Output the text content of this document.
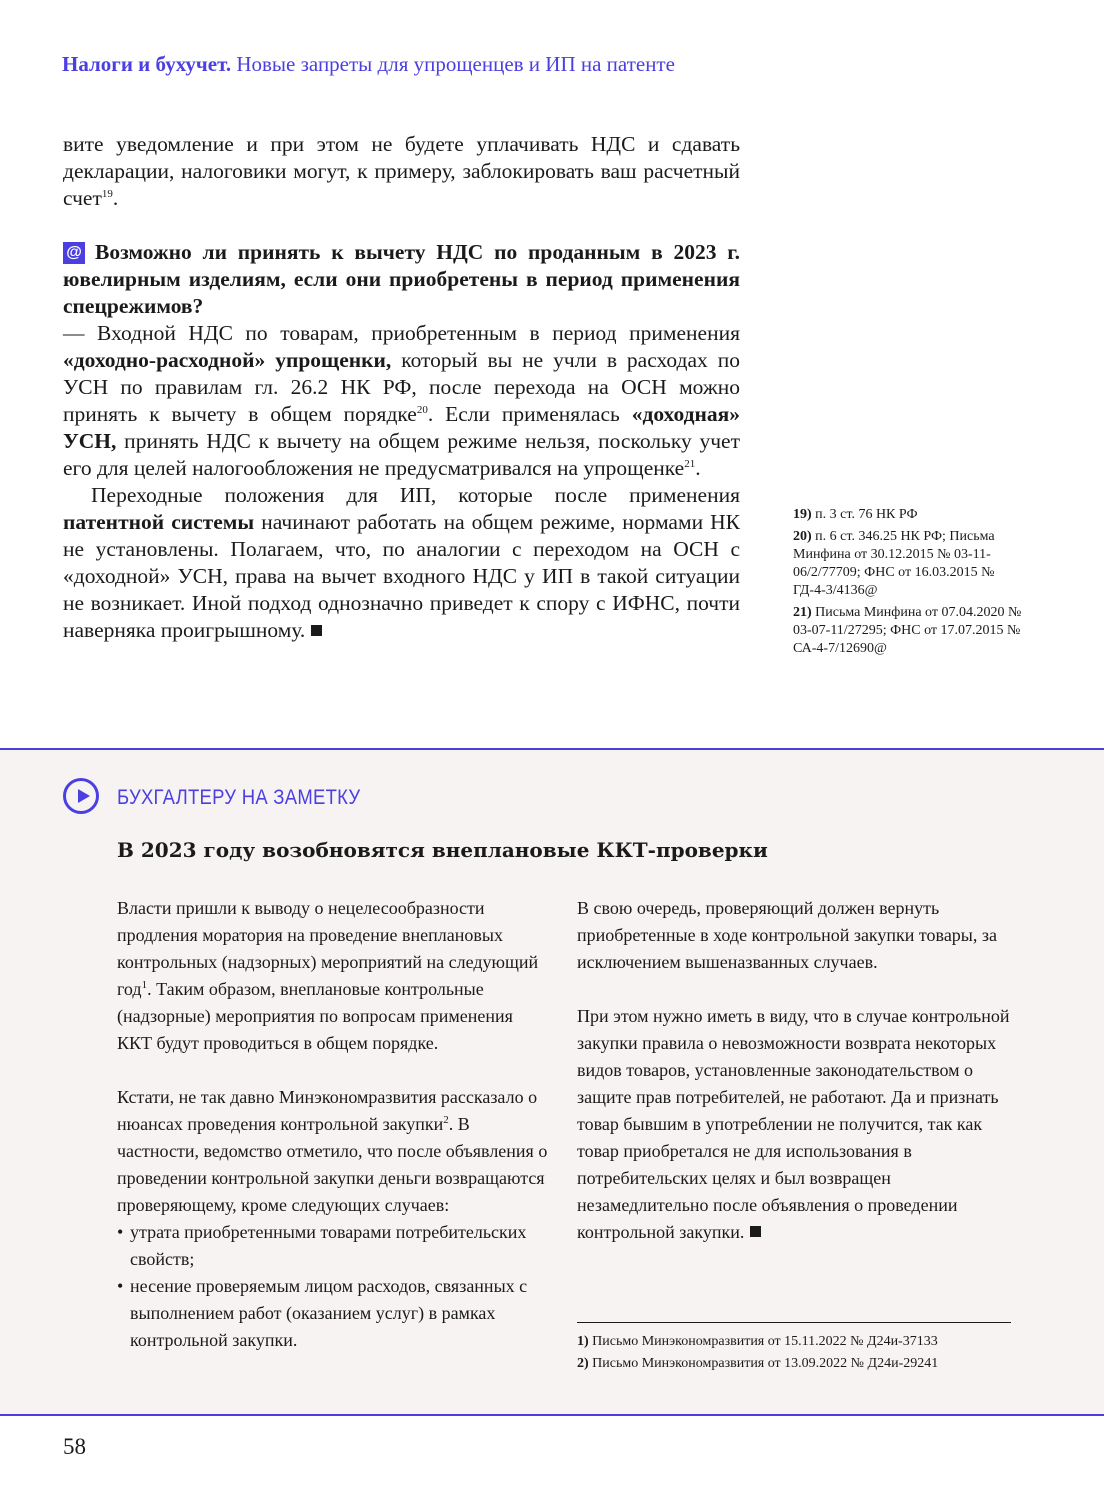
Налоги и бухучет. Новые запреты для упрощенцев и ИП на патенте

вите уведомление и при этом не будете уплачивать НДС и сдавать декларации, налоговики могут, к примеру, заблокировать ваш расчетный счет$^{19}$.

@ Возможно ли принять к вычету НДС по проданным в 2023 г. ювелирным изделиям, если они приобретены в период применения спецрежимов?

— Входной НДС по товарам, приобретенным в период применения «доходно-расходной» упрощенки, который вы не учли в расходах по УСН по правилам гл. 26.2 НК РФ, после перехода на ОСН можно принять к вычету в общем порядке$^{20}$. Если применялась «доходная» УСН, принять НДС к вычету на общем режиме нельзя, поскольку учет его для целей налогообложения не предусматривался на упрощенке$^{21}$.

Переходные положения для ИП, которые после применения патентной системы начинают работать на общем режиме, нормами НК не установлены. Полагаем, что, по аналогии с переходом на ОСН с «доходной» УСН, права на вычет входного НДС у ИП в такой ситуации не возникает. Иной подход однозначно приведет к спору с ИФНС, почти наверняка проигрышному.

19) п. 3 ст. 76 НК РФ
20) п. 6 ст. 346.25 НК РФ; Письма Минфина от 30.12.2015 № 03-11-06/2/77709; ФНС от 16.03.2015 № ГД-4-3/4136@
21) Письма Минфина от 07.04.2020 № 03-07-11/27295; ФНС от 17.07.2015 № СА-4-7/12690@
БУХГАЛТЕРУ НА ЗАМЕТКУ
В 2023 году возобновятся внеплановые ККТ-проверки

Власти пришли к выводу о нецелесообразности продления моратория на проведение внеплановых контрольных (надзорных) мероприятий на следующий год$^1$. Таким образом, внеплановые контрольные (надзорные) мероприятия по вопросам применения ККТ будут проводиться в общем порядке.

Кстати, не так давно Минэкономразвития рассказало о нюансах проведения контрольной закупки$^2$. В частности, ведомство отметило, что после объявления о проведении контрольной закупки деньги возвращаются проверяющему, кроме следующих случаев:

• утрата приобретенными товарами потребительских свойств;
• несение проверяемым лицом расходов, связанных с выполнением работ (оказанием услуг) в рамках контрольной закупки.

В свою очередь, проверяющий должен вернуть приобретенные в ходе контрольной закупки товары, за исключением вышеназванных случаев.

При этом нужно иметь в виду, что в случае контрольной закупки правила о невозможности возврата некоторых видов товаров, установленные законодательством о защите прав потребителей, не работают. Да и признать товар бывшим в употреблении не получится, так как товар приобретался не для использования в потребительских целях и был возвращен незамедлительно после объявления о проведении контрольной закупки.

1) Письмо Минэкономразвития от 15.11.2022 № Д24и-37133
2) Письмо Минэкономразвития от 13.09.2022 № Д24и-29241
58
